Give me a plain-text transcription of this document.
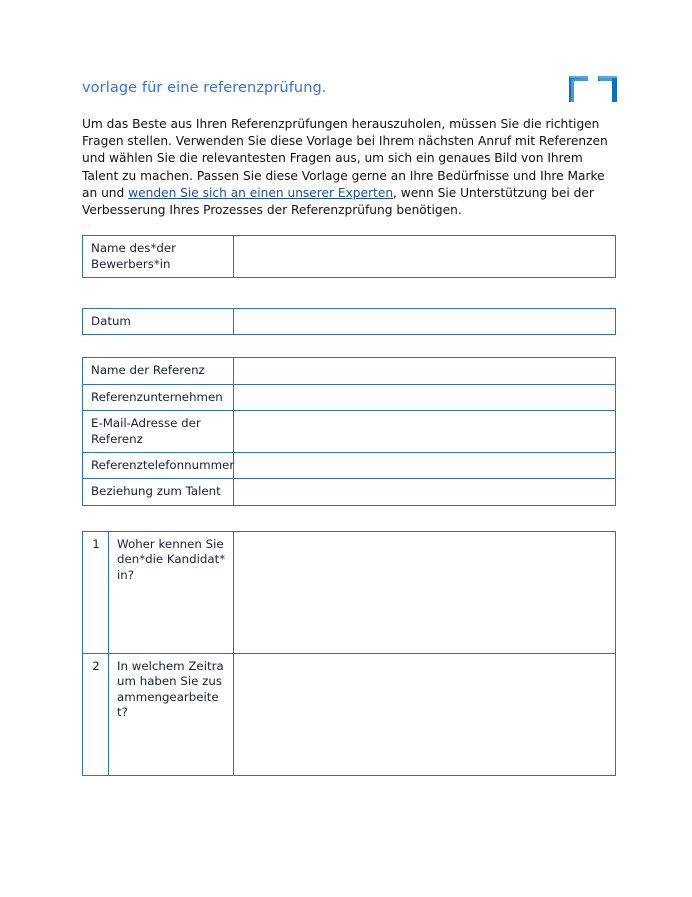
vorlage für eine referenzprüfung.

Um das Beste aus Ihren Referenzprüfungen herauszuholen, müssen Sie die richtigen Fragen stellen. Verwenden Sie diese Vorlage bei Ihrem nächsten Anruf mit Referenzen und wählen Sie die relevantesten Fragen aus, um sich ein genaues Bild von Ihrem Talent zu machen. Passen Sie diese Vorlage gerne an Ihre Bedürfnisse und Ihre Marke an und wenden Sie sich an einen unserer Experten, wenn Sie Unterstützung bei der Verbesserung Ihres Prozesses der Referenzprüfung benötigen.

Name des*der Bewerbers*in	
Datum	
Name der Referenz	
Referenzunternehmen	
E-Mail-Adresse der Referenz	
Referenztelefonnummer	
Beziehung zum Talent	
1	Woher kennen Sie den*die Kandidat*in?	
2	In welchem Zeitraum haben Sie zusammengearbeitet?	
